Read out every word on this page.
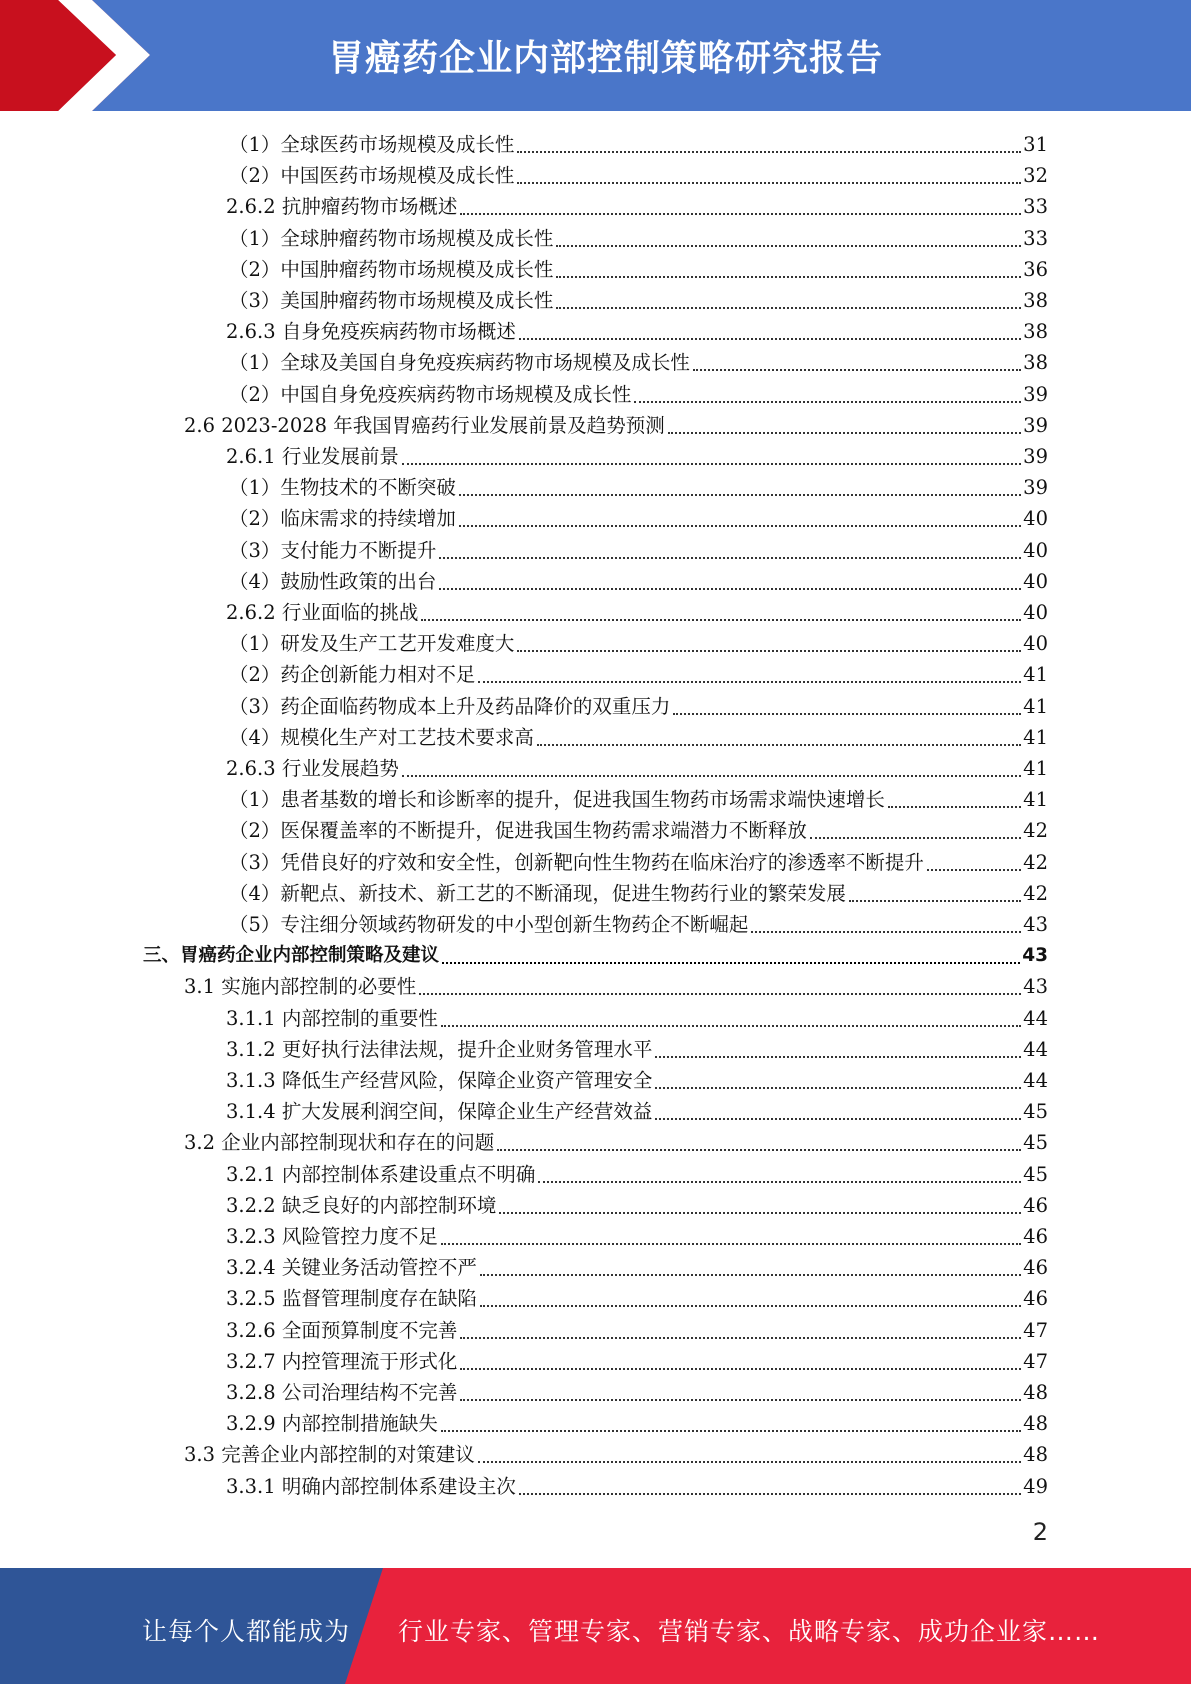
胃癌药企业内部控制策略研究报告
（1）全球医药市场规模及成长性	31
（2）中国医药市场规模及成长性	32
2.6.2 抗肿瘤药物市场概述	33
（1）全球肿瘤药物市场规模及成长性	33
（2）中国肿瘤药物市场规模及成长性	36
（3）美国肿瘤药物市场规模及成长性	38
2.6.3 自身免疫疾病药物市场概述	38
（1）全球及美国自身免疫疾病药物市场规模及成长性	38
（2）中国自身免疫疾病药物市场规模及成长性	39
2.6 2023-2028 年我国胃癌药行业发展前景及趋势预测	39
2.6.1 行业发展前景	39
（1）生物技术的不断突破	39
（2）临床需求的持续增加	40
（3）支付能力不断提升	40
（4）鼓励性政策的出台	40
2.6.2 行业面临的挑战	40
（1）研发及生产工艺开发难度大	40
（2）药企创新能力相对不足	41
（3）药企面临药物成本上升及药品降价的双重压力	41
（4）规模化生产对工艺技术要求高	41
2.6.3 行业发展趋势	41
（1）患者基数的增长和诊断率的提升，促进我国生物药市场需求端快速增长	41
（2）医保覆盖率的不断提升，促进我国生物药需求端潜力不断释放	42
（3）凭借良好的疗效和安全性，创新靶向性生物药在临床治疗的渗透率不断提升	42
（4）新靶点、新技术、新工艺的不断涌现，促进生物药行业的繁荣发展	42
（5）专注细分领域药物研发的中小型创新生物药企不断崛起	43
三、胃癌药企业内部控制策略及建议	43
3.1 实施内部控制的必要性	43
3.1.1 内部控制的重要性	44
3.1.2 更好执行法律法规，提升企业财务管理水平	44
3.1.3 降低生产经营风险，保障企业资产管理安全	44
3.1.4 扩大发展利润空间，保障企业生产经营效益	45
3.2 企业内部控制现状和存在的问题	45
3.2.1 内部控制体系建设重点不明确	45
3.2.2 缺乏良好的内部控制环境	46
3.2.3 风险管控力度不足	46
3.2.4 关键业务活动管控不严	46
3.2.5 监督管理制度存在缺陷	46
3.2.6 全面预算制度不完善	47
3.2.7 内控管理流于形式化	47
3.2.8 公司治理结构不完善	48
3.2.9 内部控制措施缺失	48
3.3 完善企业内部控制的对策建议	48
3.3.1 明确内部控制体系建设主次	49
2
让每个人都能成为 行业专家、管理专家、营销专家、战略专家、成功企业家……
